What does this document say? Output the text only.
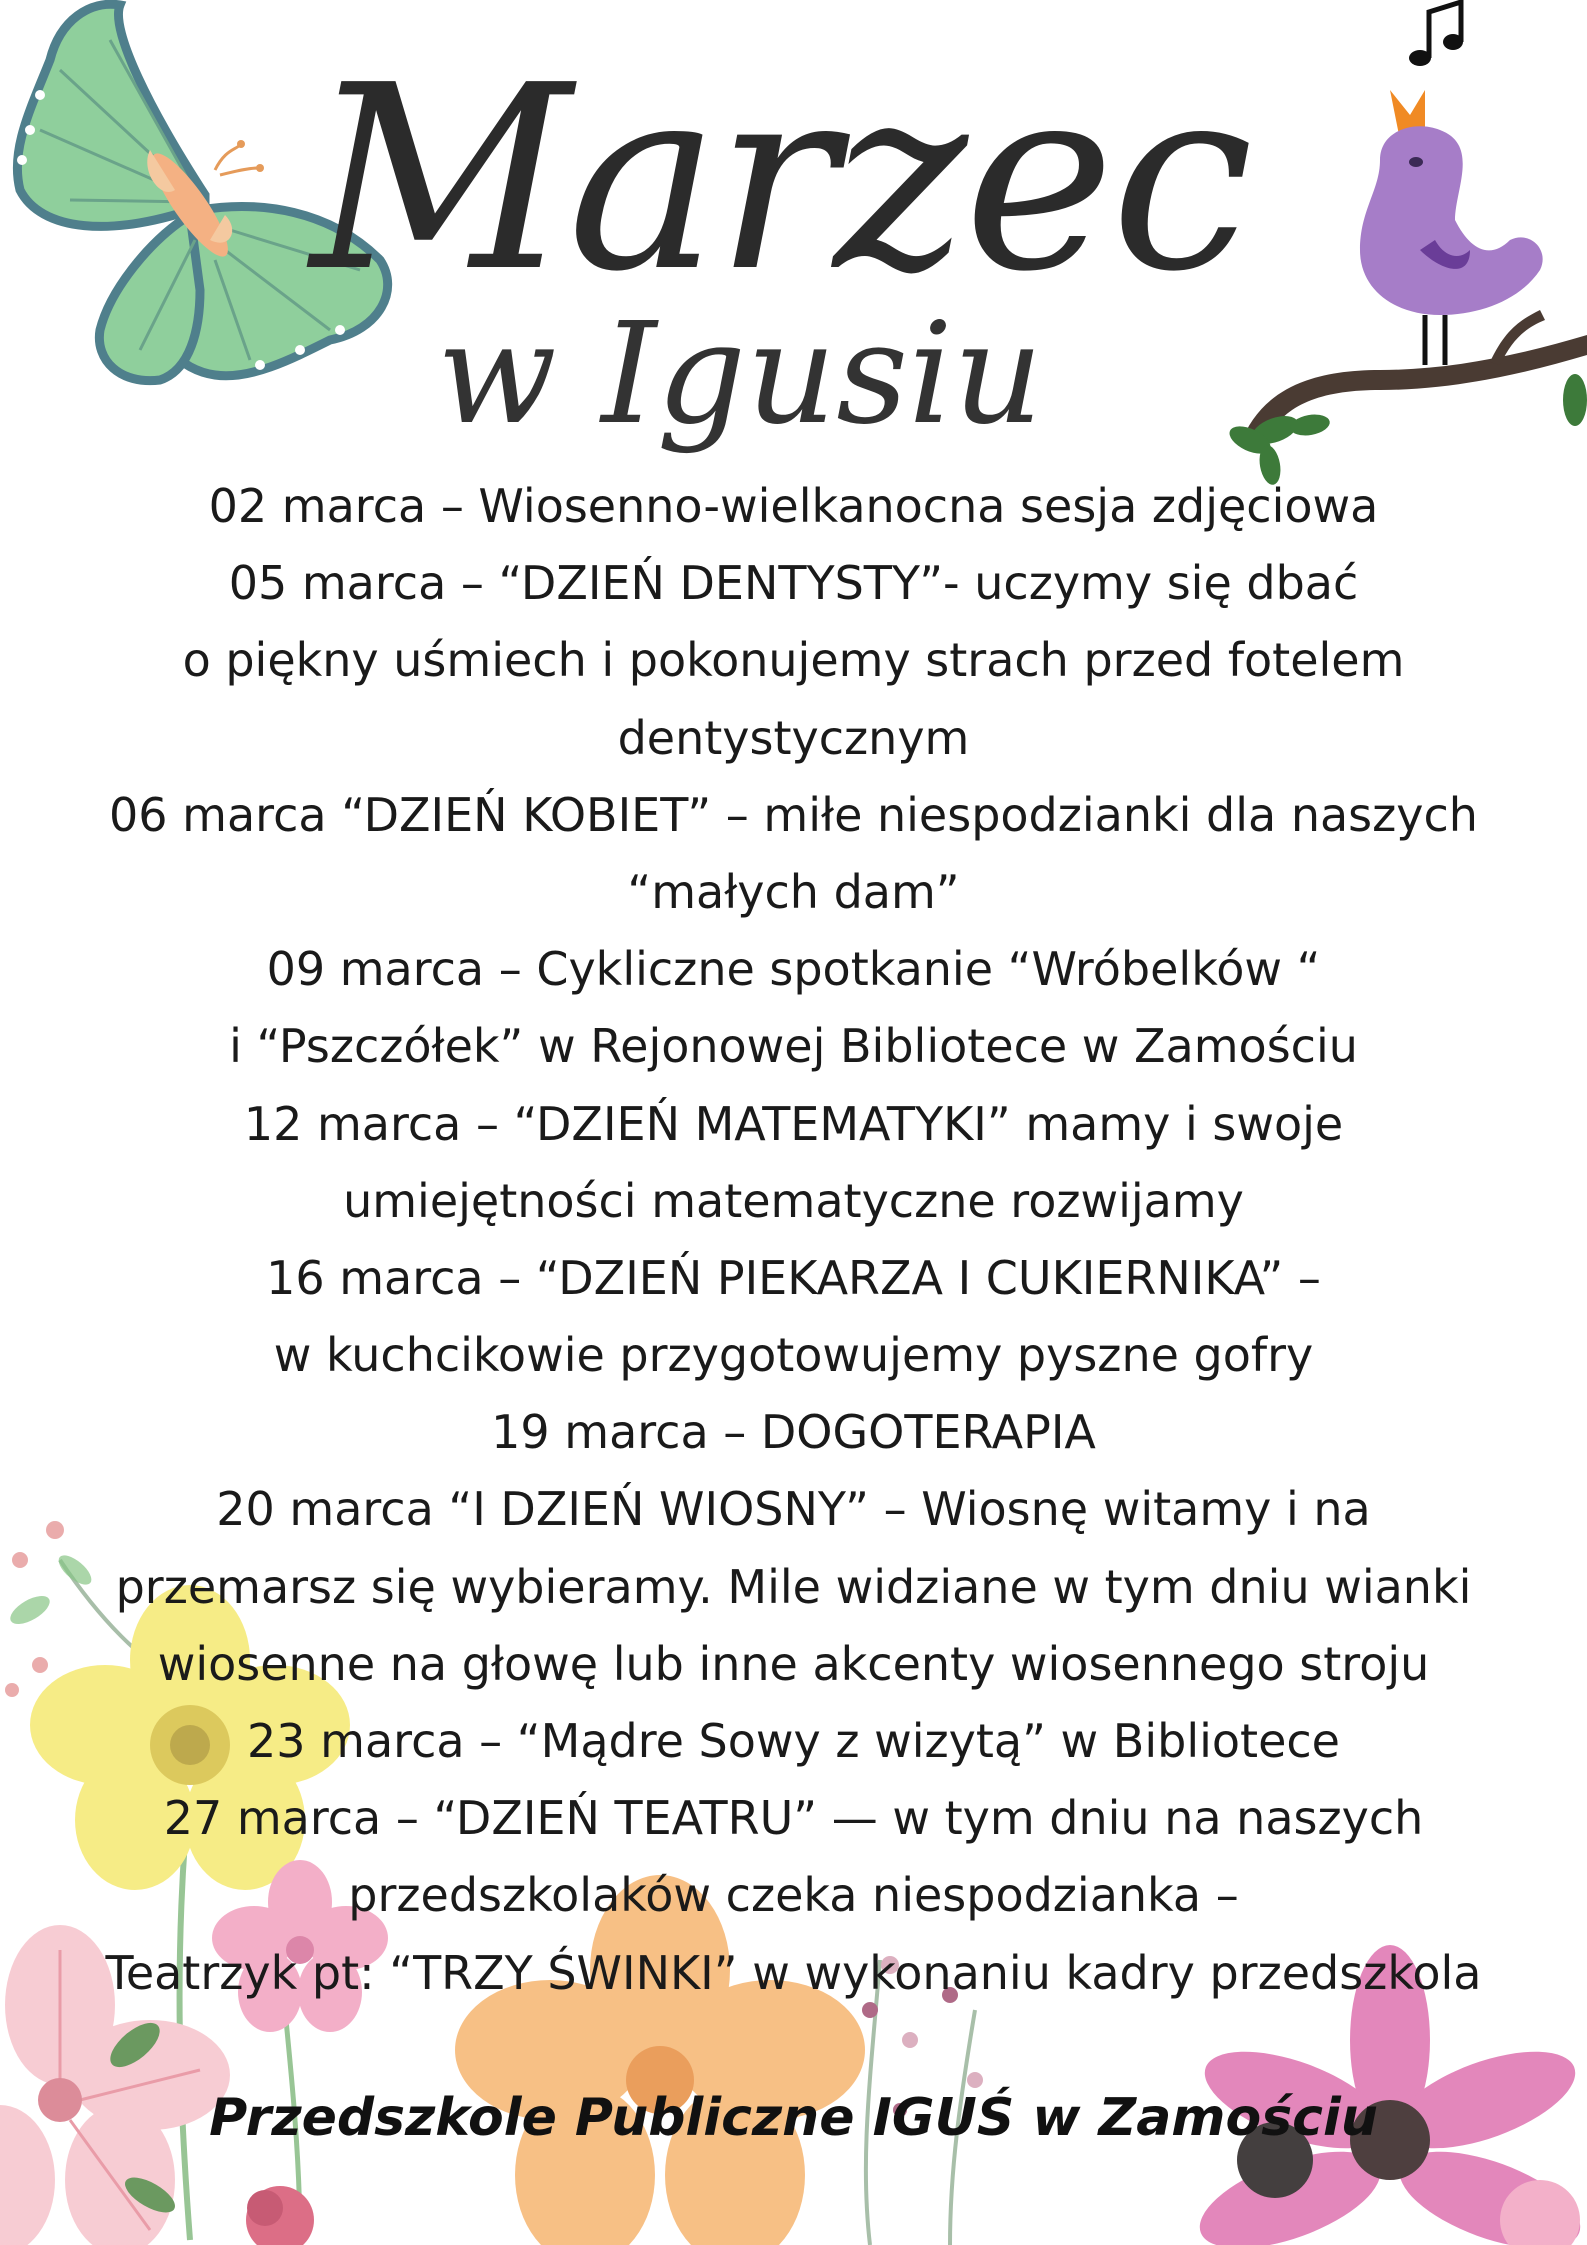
Marzec
w Igusiu
02 marca – Wiosenno-wielkanocna sesja zdjęciowa
05 marca – “DZIEŃ DENTYSTY”- uczymy się dbać
o piękny uśmiech i pokonujemy strach przed fotelem
dentystycznym
06 marca “DZIEŃ KOBIET” – miłe niespodzianki dla naszych
“małych dam”
09 marca – Cykliczne spotkanie “Wróbelków “
i “Pszczółek” w Rejonowej Bibliotece w Zamościu
12 marca – “DZIEŃ MATEMATYKI” mamy i swoje
umiejętności matematyczne rozwijamy
16 marca – “DZIEŃ PIEKARZA I CUKIERNIKA” –
w kuchcikowie przygotowujemy pyszne gofry
19 marca – DOGOTERAPIA
20 marca “I DZIEŃ WIOSNY” – Wiosnę witamy i na
przemarsz się wybieramy. Mile widziane w tym dniu wianki
wiosenne na głowę lub inne akcenty wiosennego stroju
23 marca – “Mądre Sowy z wizytą” w Bibliotece
27 marca – “DZIEŃ TEATRU” — w tym dniu na naszych
przedszkolaków czeka niespodzianka –
Teatrzyk pt: “TRZY ŚWINKI” w wykonaniu kadry przedszkola
Przedszkole Publiczne IGUŚ w Zamościu
